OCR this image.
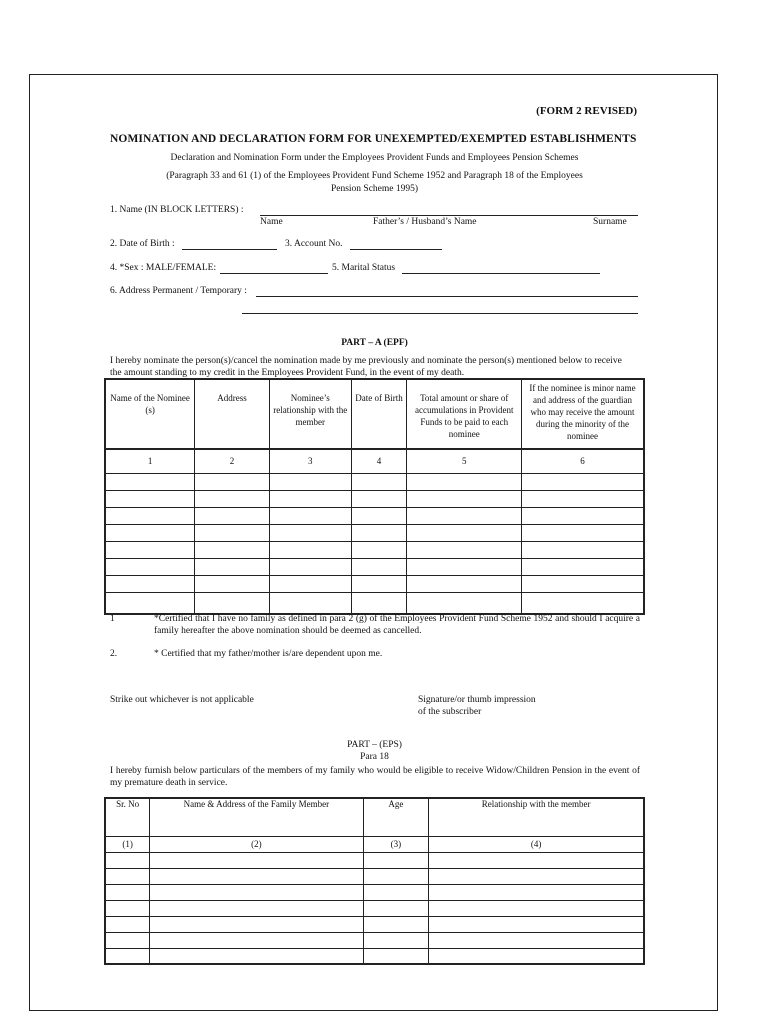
(FORM 2 REVISED)
NOMINATION AND DECLARATION FORM FOR UNEXEMPTED/EXEMPTED ESTABLISHMENTS
Declaration and Nomination Form under the Employees Provident Funds and Employees Pension Schemes
(Paragraph 33 and 61 (1) of the Employees Provident Fund Scheme 1952 and Paragraph 18 of the Employees Pension Scheme 1995)
1. Name (IN BLOCK LETTERS) :
Name	Father’s / Husband’s Name	Surname
2. Date of Birth :	3. Account No.
4. *Sex : MALE/FEMALE:	5. Marital Status
6. Address Permanent / Temporary :
PART – A (EPF)
I hereby nominate the person(s)/cancel the nomination made by me previously and nominate the person(s) mentioned below to receive the amount standing to my credit in the Employees Provident Fund, in the event of my death.
Name of the Nominee (s)	Address	Nominee’s relationship with the member	Date of Birth	Total amount or share of accumulations in Provident Funds to be paid to each nominee	If the nominee is minor name and address of the guardian who may receive the amount during the minority of the nominee
1	2	3	4	5	6

1	*Certified that I have no family as defined in para 2 (g) of the Employees Provident Fund Scheme 1952 and should I acquire a family hereafter the above nomination should be deemed as cancelled.
2.	* Certified that my father/mother is/are dependent upon me.
Strike out whichever is not applicable	Signature/or thumb impression
of the subscriber
PART – (EPS)
Para 18
I hereby furnish below particulars of the members of my family who would be eligible to receive Widow/Children Pension in the event of my premature death in service.
Sr. No	Name & Address of the Family Member	Age	Relationship with the member
(1)	(2)	(3)	(4)
